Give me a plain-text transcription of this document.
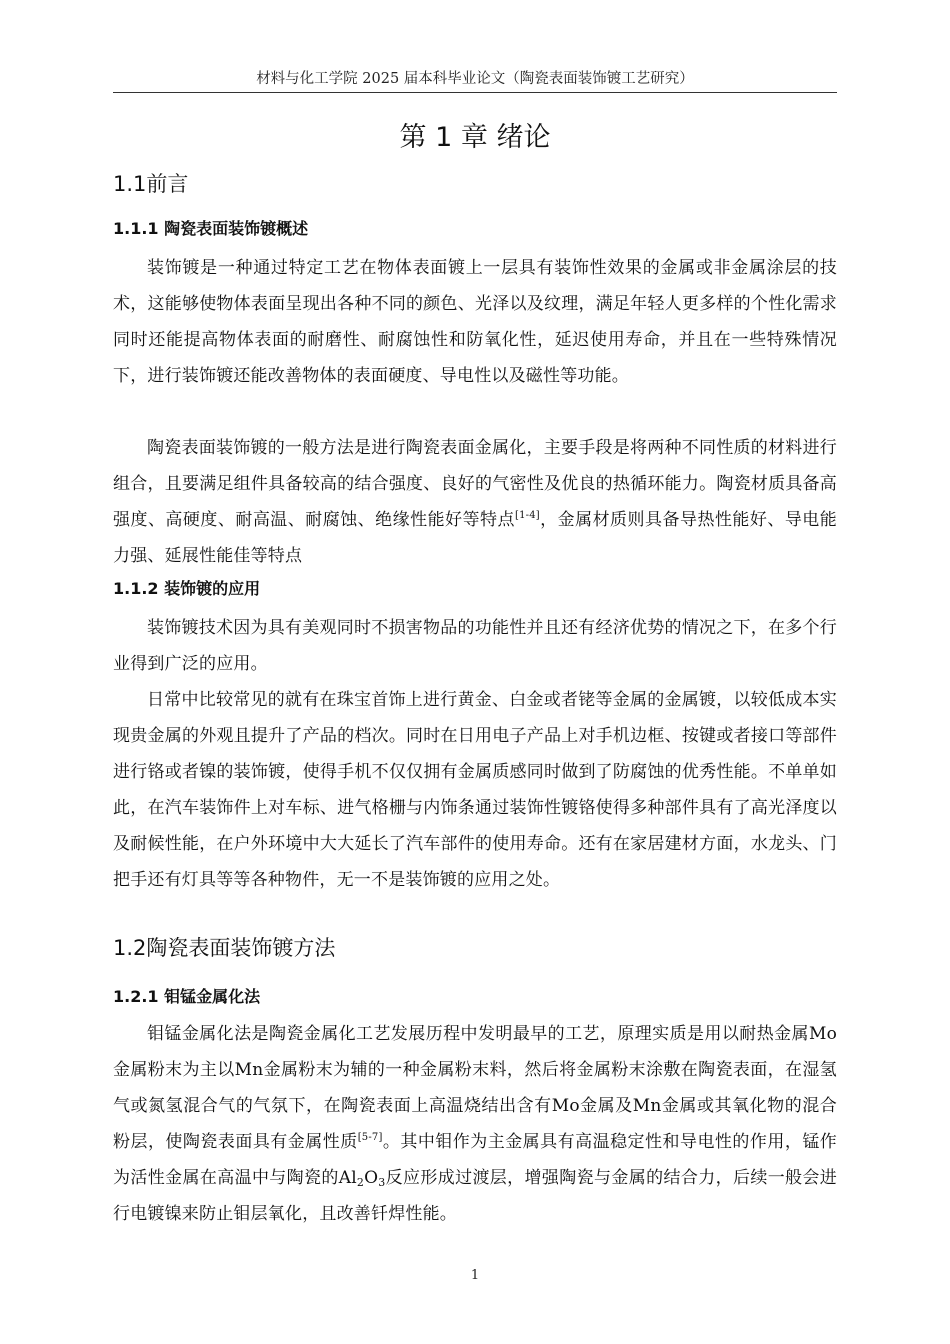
材料与化工学院 2025 届本科毕业论文（陶瓷表面装饰镀工艺研究）
第 1 章 绪论
1.1前言
1.1.1 陶瓷表面装饰镀概述
装饰镀是一种通过特定工艺在物体表面镀上一层具有装饰性效果的金属或非金属涂层的技术，这能够使物体表面呈现出各种不同的颜色、光泽以及纹理，满足年轻人更多样的个性化需求同时还能提高物体表面的耐磨性、耐腐蚀性和防氧化性，延迟使用寿命，并且在一些特殊情况下，进行装饰镀还能改善物体的表面硬度、导电性以及磁性等功能。
陶瓷表面装饰镀的一般方法是进行陶瓷表面金属化，主要手段是将两种不同性质的材料进行组合，且要满足组件具备较高的结合强度、良好的气密性及优良的热循环能力。陶瓷材质具备高强度、高硬度、耐高温、耐腐蚀、绝缘性能好等特点[1-4]，金属材质则具备导热性能好、导电能力强、延展性能佳等特点
1.1.2 装饰镀的应用
装饰镀技术因为具有美观同时不损害物品的功能性并且还有经济优势的情况之下，在多个行业得到广泛的应用。
日常中比较常见的就有在珠宝首饰上进行黄金、白金或者铑等金属的金属镀，以较低成本实现贵金属的外观且提升了产品的档次。同时在日用电子产品上对手机边框、按键或者接口等部件进行铬或者镍的装饰镀，使得手机不仅仅拥有金属质感同时做到了防腐蚀的优秀性能。不单单如此，在汽车装饰件上对车标、进气格栅与内饰条通过装饰性镀铬使得多种部件具有了高光泽度以及耐候性能，在户外环境中大大延长了汽车部件的使用寿命。还有在家居建材方面，水龙头、门把手还有灯具等等各种物件，无一不是装饰镀的应用之处。
1.2陶瓷表面装饰镀方法
1.2.1 钼锰金属化法
钼锰金属化法是陶瓷金属化工艺发展历程中发明最早的工艺，原理实质是用以耐热金属Mo金属粉末为主以Mn金属粉末为辅的一种金属粉末料，然后将金属粉末涂敷在陶瓷表面，在湿氢气或氮氢混合气的气氛下，在陶瓷表面上高温烧结出含有Mo金属及Mn金属或其氧化物的混合粉层，使陶瓷表面具有金属性质[5-7]。其中钼作为主金属具有高温稳定性和导电性的作用，锰作为活性金属在高温中与陶瓷的$Al_2O_3$反应形成过渡层，增强陶瓷与金属的结合力，后续一般会进行电镀镍来防止钼层氧化，且改善钎焊性能。
1
